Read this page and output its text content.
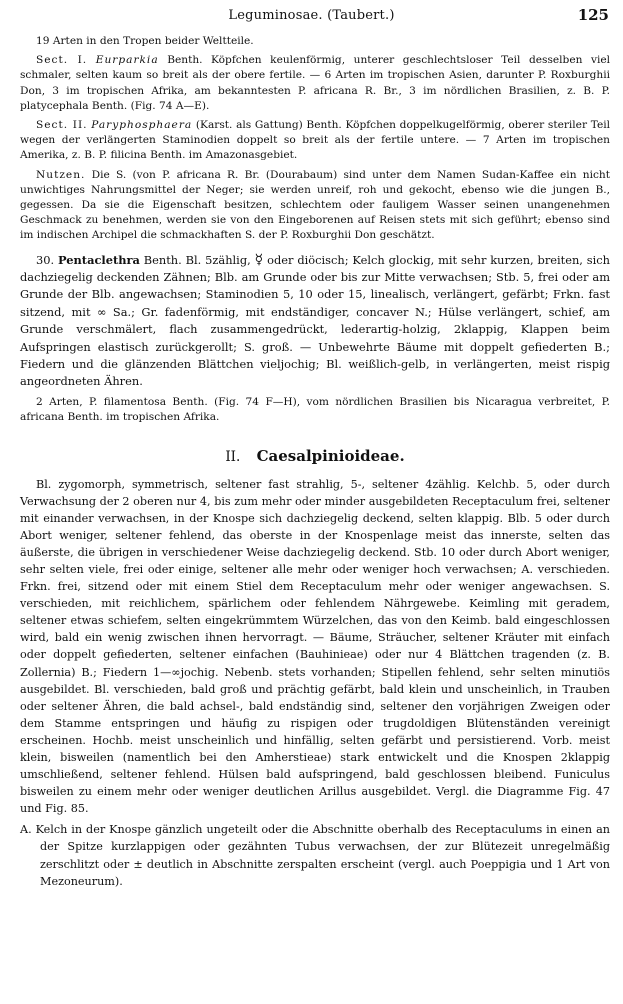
Leguminosae. (Taubert.)	125

19 Arten in den Tropen beider Weltteile.

Sect. I. Eurparkia Benth. Köpfchen keulenförmig, unterer geschlechtsloser Teil desselben viel schmaler, selten kaum so breit als der obere fertile. — 6 Arten im tropischen Asien, darunter P. Roxburghii Don, 3 im tropischen Afrika, am bekanntesten P. africana R. Br., 3 im nördlichen Brasilien, z. B. P. platycephala Benth. (Fig. 74 A—E).

Sect. II. Paryphosphaera (Karst. als Gattung) Benth. Köpfchen doppelkugelförmig, oberer steriler Teil wegen der verlängerten Staminodien doppelt so breit als der fertile untere. — 7 Arten im tropischen Amerika, z. B. P. filicina Benth. im Amazonasgebiet.

Nutzen. Die S. (von P. africana R. Br. (Dourabaum) sind unter dem Namen Sudan-Kaffee ein nicht unwichtiges Nahrungsmittel der Neger; sie werden unreif, roh und gekocht, ebenso wie die jungen B., gegessen. Da sie die Eigenschaft besitzen, schlechtem oder fauligem Wasser seinen unangenehmen Geschmack zu benehmen, werden sie von den Eingeborenen auf Reisen stets mit sich geführt; ebenso sind im indischen Archipel die schmackhaften S. der P. Roxburghii Don geschätzt.

30. Pentaclethra Benth. Bl. 5zählig, ☿ oder diöcisch; Kelch glockig, mit sehr kurzen, breiten, sich dachziegelig deckenden Zähnen; Blb. am Grunde oder bis zur Mitte verwachsen; Stb. 5, frei oder am Grunde der Blb. angewachsen; Staminodien 5, 10 oder 15, linealisch, verlängert, gefärbt; Frkn. fast sitzend, mit ∞ Sa.; Gr. fadenförmig, mit endständiger, concaver N.; Hülse verlängert, schief, am Grunde verschmälert, flach zusammengedrückt, lederartig-holzig, 2klappig, Klappen beim Aufspringen elastisch zurückgerollt; S. groß. — Unbewehrte Bäume mit doppelt gefiederten B.; Fiedern und die glänzenden Blättchen vieljochig; Bl. weißlich-gelb, in verlängerten, meist rispig angeordneten Ähren.

2 Arten, P. filamentosa Benth. (Fig. 74 F—H), vom nördlichen Brasilien bis Nicaragua verbreitet, P. africana Benth. im tropischen Afrika.

II. Caesalpinioideae.

Bl. zygomorph, symmetrisch, seltener fast strahlig, 5-, seltener 4zählig. Kelchb. 5, oder durch Verwachsung der 2 oberen nur 4, bis zum mehr oder minder ausgebildeten Receptaculum frei, seltener mit einander verwachsen, in der Knospe sich dachziegelig deckend, selten klappig. Blb. 5 oder durch Abort weniger, seltener fehlend, das oberste in der Knospenlage meist das innerste, selten das äußerste, die übrigen in verschiedener Weise dachziegelig deckend. Stb. 10 oder durch Abort weniger, sehr selten viele, frei oder einige, seltener alle mehr oder weniger hoch verwachsen; A. verschieden. Frkn. frei, sitzend oder mit einem Stiel dem Receptaculum mehr oder weniger angewachsen. S. verschieden, mit reichlichem, spärlichem oder fehlendem Nährgewebe. Keimling mit geradem, seltener etwas schiefem, selten eingekrümmtem Würzelchen, das von den Keimb. bald eingeschlossen wird, bald ein wenig zwischen ihnen hervorragt. — Bäume, Sträucher, seltener Kräuter mit einfach oder doppelt gefiederten, seltener einfachen (Bauhinieae) oder nur 4 Blättchen tragenden (z. B. Zollernia) B.; Fiedern 1—∞jochig. Nebenb. stets vorhanden; Stipellen fehlend, sehr selten minutiös ausgebildet. Bl. verschieden, bald groß und prächtig gefärbt, bald klein und unscheinlich, in Trauben oder seltener Ähren, die bald achsel-, bald endständig sind, seltener den vorjährigen Zweigen oder dem Stamme entspringen und häufig zu rispigen oder trugdoldigen Blütenständen vereinigt erscheinen. Hochb. meist unscheinlich und hinfällig, selten gefärbt und persistierend. Vorb. meist klein, bisweilen (namentlich bei den Amherstieae) stark entwickelt und die Knospen 2klappig umschließend, seltener fehlend. Hülsen bald aufspringend, bald geschlossen bleibend. Funiculus bisweilen zu einem mehr oder weniger deutlichen Arillus ausgebildet. Vergl. die Diagramme Fig. 47 und Fig. 85.

A. Kelch in der Knospe gänzlich ungeteilt oder die Abschnitte oberhalb des Receptaculums in einen an der Spitze kurzlappigen oder gezähnten Tubus verwachsen, der zur Blütezeit unregelmäßig zerschlitzt oder ± deutlich in Abschnitte zerspalten erscheint (vergl. auch Poeppigia und 1 Art von Mezoneurum).
